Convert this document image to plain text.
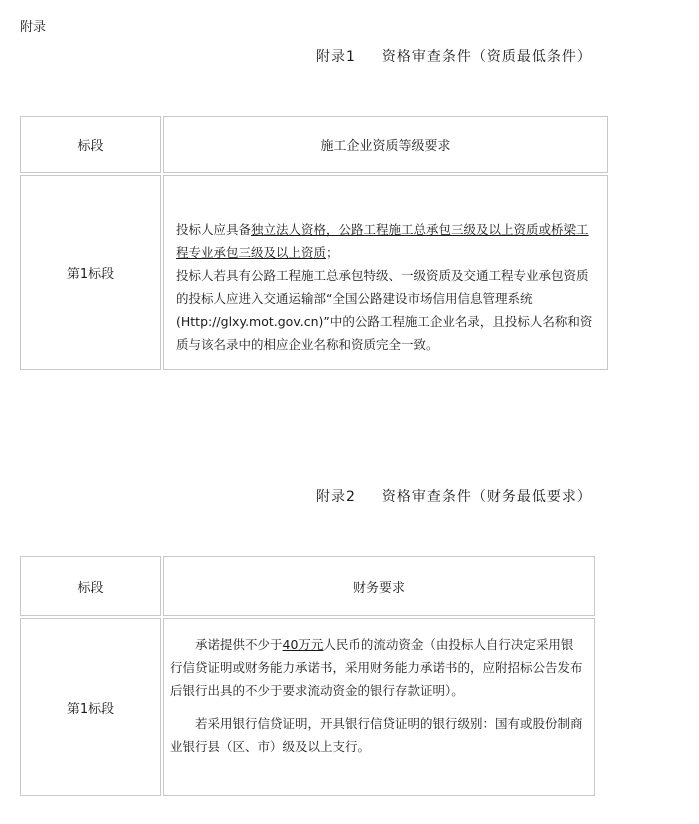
附录
附录1 资格审查条件（资质最低条件）
标段	施工企业资质等级要求
第1标段

投标人应具备独立法人资格，公路工程施工总承包三级及以上资质或桥梁工程专业承包三级及以上资质；

投标人若具有公路工程施工总承包特级、一级资质及交通工程专业承包资质的投标人应进入交通运输部“全国公路建设市场信用信息管理系统(Http://glxy.mot.gov.cn)”中的公路工程施工企业名录，且投标人名称和资质与该名录中的相应企业名称和资质完全一致。

附录2 资格审查条件（财务最低要求）
标段	财务要求
第1标段

承诺提供不少于40万元人民币的流动资金（由投标人自行决定采用银行信贷证明或财务能力承诺书，采用财务能力承诺书的，应附招标公告发布后银行出具的不少于要求流动资金的银行存款证明）。

若采用银行信贷证明，开具银行信贷证明的银行级别：国有或股份制商业银行县（区、市）级及以上支行。
